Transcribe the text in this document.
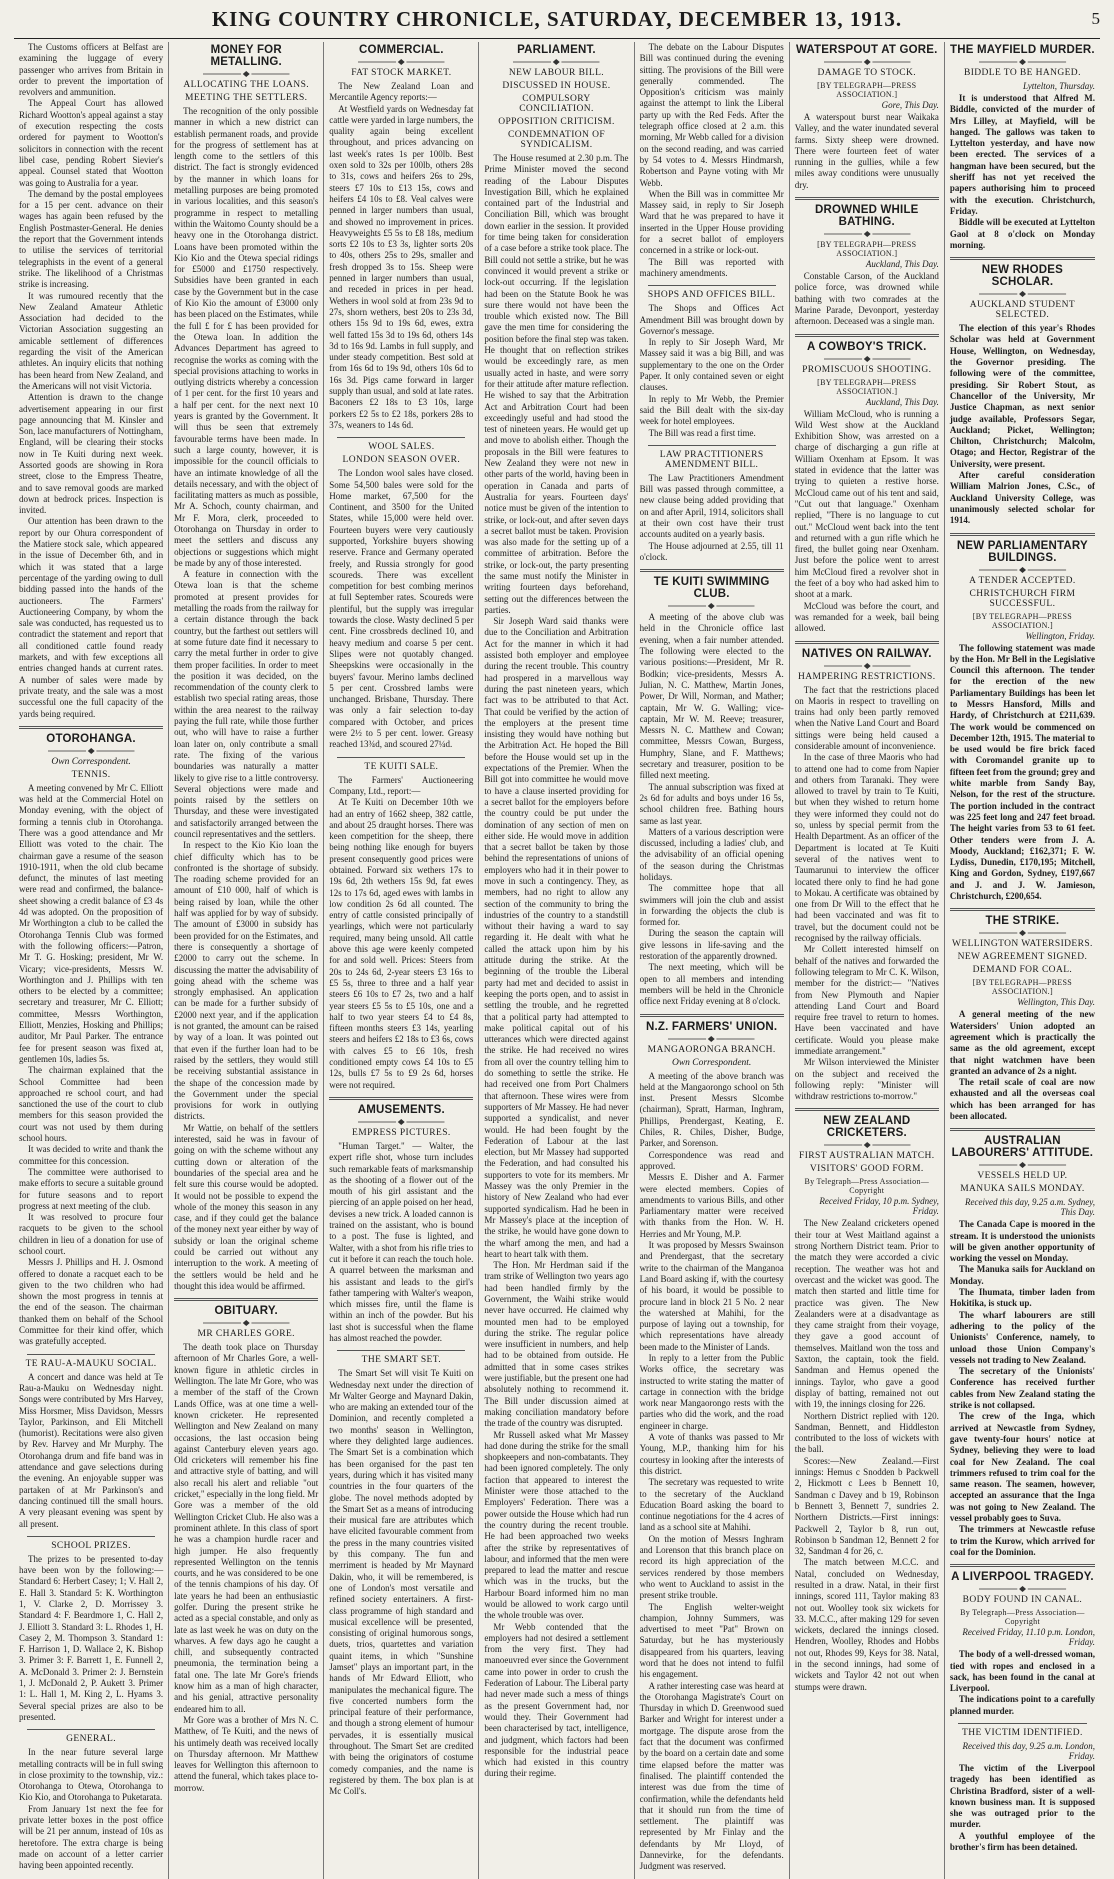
KING COUNTRY CHRONICLE, SATURDAY, DECEMBER 13, 1913.	5

The Customs officers at Belfast are examining the luggage of every passenger who arrives from Britain in order to prevent the importation of revolvers and ammunition.

The Appeal Court has allowed Richard Wootton's appeal against a stay of execution respecting the costs ordered for payment to Wootton's solicitors in connection with the recent libel case, pending Robert Sievier's appeal. Counsel stated that Wootton was going to Australia for a year.

The demand by the postal employees for a 15 per cent. advance on their wages has again been refused by the English Postmaster-General. He denies the report that the Government intends to utilise the services of territorial telegraphists in the event of a general strike. The likelihood of a Christmas strike is increasing.

It was rumoured recently that the New Zealand Amateur Athletic Association had decided to the Victorian Association suggesting an amicable settlement of differences regarding the visit of the American athletes. An inquiry elicits that nothing has been heard from New Zealand, and the Americans will not visit Victoria.

Attention is drawn to the change advertisement appearing in our first page announcing that M. Kinsler and Son, lace manufacturers of Nottingham, England, will be clearing their stocks now in Te Kuiti during next week. Assorted goods are showing in Rora street, close to the Empress Theatre, and to save removal goods are marked down at bedrock prices. Inspection is invited.

Our attention has been drawn to the report by our Ohura correspondent of the Matiere stock sale, which appeared in the issue of December 6th, and in which it was stated that a large percentage of the yarding owing to dull bidding passed into the hands of the auctioneers. The Farmers' Auctioneering Company, by whom the sale was conducted, has requested us to contradict the statement and report that all conditioned cattle found ready markets, and with few exceptions all entries changed hands at current rates. A number of sales were made by private treaty, and the sale was a most successful one the full capacity of the yards being required.

OTOROHANGA.
Own Correspondent.
TENNIS.

A meeting convened by Mr C. Elliott was held at the Commercial Hotel on Monday evening, with the object of forming a tennis club in Otorohanga. There was a good attendance and Mr Elliott was voted to the chair. The chairman gave a resume of the season 1910-1911, when the old club became defunct, the minutes of last meeting were read and confirmed, the balance-sheet showing a credit balance of £3 4s 4d was adopted. On the proposition of Mr Worthington a club to be called the Otorohanga Tennis Club was formed with the following officers:—Patron, Mr T. G. Hosking; president, Mr W. Vicary; vice-presidents, Messrs W. Worthington and J. Phillips with ten others to be elected by a committee; secretary and treasurer, Mr C. Elliott; committee, Messrs Worthington, Elliott, Menzies, Hosking and Phillips; auditor, Mr Paul Parker. The entrance fee for present season was fixed at, gentlemen 10s, ladies 5s.

The chairman explained that the School Committee had been approached re school court, and had sanctioned the use of the court to club members for this season provided the court was not used by them during school hours.

It was decided to write and thank the committee for this concession.

The committee were authorised to make efforts to secure a suitable ground for future seasons and to report progress at next meeting of the club.

It was resolved to procure four racquets to be given to the school children in lieu of a donation for use of school court.

Messrs J. Phillips and H. J. Osmond offered to donate a racquet each to be given to the two children who had shown the most progress in tennis at the end of the season. The chairman thanked them on behalf of the School Committee for their kind offer, which was gratefully accepted.

TE RAU-A-MAUKU SOCIAL.

A concert and dance was held at Te Rau-a-Mauku on Wednesday night. Songs were contributed by Mrs Harvey, Miss Horsmer, Miss Davidson, Messrs Taylor, Parkinson, and Eli Mitchell (humorist). Recitations were also given by Rev. Harvey and Mr Murphy. The Otorohanga drum and fife band was in attendance and gave selections during the evening. An enjoyable supper was partaken of at Mr Parkinson's and dancing continued till the small hours. A very pleasant evening was spent by all present.

SCHOOL PRIZES.

The prizes to be presented to-day have been won by the following:— Standard 6: Herbert Casey; 1; V. Hall 2, E. Hall 3. Standard 5: K. Worthington 1, V. Clarke 2, D. Morrissey 3. Standard 4: F. Beardmore 1, C. Hall 2, J. Elliott 3. Standard 3: L. Rhodes 1, H. Casey 2, M. Thompson 3. Standard 1: F. Harrison 1, D. Wallace 2, K. Bishop 3. Primer 3: F. Barrett 1, E. Funnell 2, A. McDonald 3. Primer 2: J. Bernstein 1, J. McDonald 2, P. Aukett 3. Primer 1: L. Hall 1, M. King 2, L. Hyams 3. Several special prizes are also to be presented.

GENERAL.

In the near future several large metalling contracts will be in full swing in close proximity to the township, viz.: Otorohanga to Otewa, Otorohanga to Kio Kio, and Otorohanga to Puketarata.

From January 1st next the fee for private letter boxes in the post office will be 21 per annum, instead of 10s as heretofore. The extra charge is being made on account of a letter carrier having been appointed recently.

MONEY FOR METALLING.
ALLOCATING THE LOANS.
MEETING THE SETTLERS.

The recognition of the only possible manner in which a new district can establish permanent roads, and provide for the progress of settlement has at length come to the settlers of this district. The fact is strongly evidenced by the manner in which loans for metalling purposes are being promoted in various localities, and this season's programme in respect to metalling within the Waitomo County should be a heavy one in the Otorohanga district. Loans have been promoted within the Kio Kio and the Otewa special ridings for £5000 and £1750 respectively. Subsidies have been granted in each case by the Government but in the case of Kio Kio the amount of £3000 only has been placed on the Estimates, while the full £ for £ has been provided for the Otewa loan. In addition the Advances Department has agreed to recognise the works as coming with the special provisions attaching to works in outlying districts whereby a concession of 1 per cent. for the first 10 years and a half per cent. for the next next 10 years is granted by the Government. It will thus be seen that extremely favourable terms have been made. In such a large county, however, it is impossible for the council officials to have an intimate knowledge of all the details necessary, and with the object of facilitating matters as much as possible, Mr A. Schoch, county chairman, and Mr F. Mora, clerk, proceeded to Otorohanga on Thursday in order to meet the settlers and discuss any objections or suggestions which might be made by any of those interested.

A feature in connection with the Otewa loan is that the scheme promoted at present provides for metalling the roads from the railway for a certain distance through the back country, but the farthest out settlers will at some future date find it necessary to carry the metal further in order to give them proper facilities. In order to meet the position it was decided, on the recommendation of the county clerk to establish two special rating areas, those within the area nearest to the railway paying the full rate, while those further out, who will have to raise a further loan later on, only contribute a small rate. The fixing of the various boundaries was naturally a matter likely to give rise to a little controversy. Several objections were made and points raised by the settlers on Thursday, and these were investigated and satisfactorily arranged between the council representatives and the settlers.

In respect to the Kio Kio loan the chief difficulty which has to be confronted is the shortage of subsidy. The roading scheme provided for an amount of £10 000, half of which is being raised by loan, while the other half was applied for by way of subsidy. The amount of £3000 in subsidy has been provided for on the Estimates, and there is consequently a shortage of £2000 to carry out the scheme. In discussing the matter the advisability of going ahead with the scheme was strongly emphasised. An application can be made for a further subsidy of £2000 next year, and if the application is not granted, the amount can be raised by way of a loan. It was pointed out that even if the further loan had to be raised by the settlers, they would still be receiving substantial assistance in the shape of the concession made by the Government under the special provisions for work in outlying districts.

Mr Wattie, on behalf of the settlers interested, said he was in favour of going on with the scheme without any cutting down or alteration of the boundaries of the special area and he felt sure this course would be adopted. It would not be possible to expend the whole of the money this season in any case, and if they could get the balance of the money next year either by way of subsidy or loan the original scheme could be carried out without any interruption to the work. A meeting of the settlers would be held and he thought this idea would be affirmed.

OBITUARY.
MR CHARLES GORE.

The death took place on Thursday afternoon of Mr Charles Gore, a well-known figure in athletic circles in Wellington. The late Mr Gore, who was a member of the staff of the Crown Lands Office, was at one time a well-known cricketer. He represented Wellington and New Zealand on many occasions, the last occasion being against Canterbury eleven years ago. Old cricketers will remember his fine and attractive style of batting, and will also recall his alert and reliable "out cricket," especially in the long field. Mr Gore was a member of the old Wellington Cricket Club. He also was a prominent athlete. In this class of sport he was a champion hurdle racer and high jumper. He also frequently represented Wellington on the tennis courts, and he was considered to be one of the tennis champions of his day. Of late years he had been an enthusiastic golfer. During the present strike he acted as a special constable, and only as late as last week he was on duty on the wharves. A few days ago he caught a chill, and subsequently contracted pneumonia, the termination being a fatal one. The late Mr Gore's friends know him as a man of high character, and his genial, attractive personality endeared him to all.

Mr Gore was a brother of Mrs N. C. Matthew, of Te Kuiti, and the news of his untimely death was received locally on Thursday afternoon. Mr Matthew leaves for Wellington this afternoon to attend the funeral, which takes place to-morrow.

COMMERCIAL.
FAT STOCK MARKET.

The New Zealand Loan and Mercantile Agency reports:—

At Westfield yards on Wednesday fat cattle were yarded in large numbers, the quality again being excellent throughout, and prices advancing on last week's rates 1s per 100lb. Best oxen sold to 32s per 100lb, others 28s to 31s, cows and heifers 26s to 29s, steers £7 10s to £13 15s, cows and heifers £4 10s to £8. Veal calves were penned in larger numbers than usual, and showed no improvement in prices. Heavyweights £5 5s to £8 18s, medium sorts £2 10s to £3 3s, lighter sorts 20s to 40s, others 25s to 29s, smaller and fresh dropped 3s to 15s. Sheep were penned in larger numbers than usual, and receded in prices in per head. Wethers in wool sold at from 23s 9d to 27s, shorn wethers, best 20s to 23s 3d, others 15s 9d to 19s 6d, ewes, extra well fatted 15s 3d to 19s 6d, others 14s 3d to 16s 9d. Lambs in full supply, and under steady competition. Best sold at from 16s 6d to 19s 9d, others 10s 6d to 16s 3d. Pigs came forward in larger supply than usual, and sold at late rates. Baconers £2 18s to £3 10s, large porkers £2 5s to £2 18s, porkers 28s to 37s, weaners to 14s 6d.

WOOL SALES.
LONDON SEASON OVER.

The London wool sales have closed. Some 54,500 bales were sold for the Home market, 67,500 for the Continent, and 3500 for the United States, while 15,000 were held over. Fourteen buyers were very cautiously supported, Yorkshire buyers showing reserve. France and Germany operated freely, and Russia strongly for good scoureds. There was excellent competition for best combing merinos at full September rates. Scoureds were plentiful, but the supply was irregular towards the close. Wasty declined 5 per cent. Fine crossbreds declined 10, and heavy medium and coarse 5 per cent. Slipes were not quotably changed. Sheepskins were occasionally in the buyers' favour. Merino lambs declined 5 per cent. Crossbred lambs were unchanged. Brisbane, Thursday. There was only a fair selection to-day compared with October, and prices were 2½ to 5 per cent. lower. Greasy reached 13¾d, and scoured 27¼d.

TE KUITI SALE.

The Farmers' Auctioneering Company, Ltd., report:—

At Te Kuiti on December 10th we had an entry of 1662 sheep, 382 cattle, and about 25 draught horses. There was keen competition for the sheep, there being nothing like enough for buyers present consequently good prices were obtained. Forward six wethers 17s to 19s 6d, 2th wethers 15s 9d, fat ewes 12s to 17s 6d, aged ewes with lambs in low condition 2s 6d all counted. The entry of cattle consisted principally of yearlings, which were not particularly required, many being unsold. All cattle above this age were keenly competed for and sold well. Prices: Steers from 20s to 24s 6d, 2-year steers £3 16s to £5 5s, three to three and a half year steers £6 10s to £7 2s, two and a half year steers £5 5s to £5 10s, one and a half to two year steers £4 to £4 8s, fifteen months steers £3 14s, yearling steers and heifers £2 18s to £3 6s, cows with calves £5 to £6 10s, fresh conditioned empty cows £4 10s to £5 12s, bulls £7 5s to £9 2s 6d, horses were not required.

AMUSEMENTS.
EMPRESS PICTURES.

"Human Target." — Walter, the expert rifle shot, whose turn includes such remarkable feats of marksmanship as the shooting of a flower out of the mouth of his girl assistant and the piercing of an apple poised on her head, devises a new trick. A loaded cannon is trained on the assistant, who is bound to a post. The fuse is lighted, and Walter, with a shot from his rifle tries to cut it before it can reach the touch hole. A quarrel between the marksman and his assistant and leads to the girl's father tampering with Walter's weapon, which misses fire, until the flame is within an inch of the powder. But his last shot is successful when the flame has almost reached the powder.

THE SMART SET.

The Smart Set will visit Te Kuiti on Wednesday next under the direction of Mr Walter George and Maynard Dakin, who are making an extended tour of the Dominion, and recently completed a two months' season in Wellington, where they delighted large audiences. The Smart Set is a combination which has been organised for the past ten years, during which it has visited many countries in the four quarters of the globe. The novel methods adopted by the Smart Set as a means of introducing their musical fare are attributes which have elicited favourable comment from the press in the many countries visited by this company. The fun and merriment is headed by Mr Maynard Dakin, who, it will be remembered, is one of London's most versatile and refined society entertainers. A first-class programme of high standard and musical excellence will be presented, consisting of original humorous songs, duets, trios, quartettes and variation quaint items, in which "Sunshine Jamset" plays an important part, in the hands of Mr Edward Elliott, who manipulates the mechanical figure. The five concerted numbers form the principal feature of their performance, and though a strong element of humour pervades, it is essentially musical throughout. The Smart Set are credited with being the originators of costume comedy companies, and the name is registered by them. The box plan is at Mc Coll's.

PARLIAMENT.
NEW LABOUR BILL.
DISCUSSED IN HOUSE.
COMPULSORY CONCILIATION.
OPPOSITION CRITICISM.
CONDEMNATION OF SYNDICALISM.

The House resumed at 2.30 p.m. The Prime Minister moved the second reading of the Labour Disputes Investigation Bill, which he explained contained part of the Industrial and Conciliation Bill, which was brought down earlier in the session. It provided for time being taken for consideration of a case before a strike took place. The Bill could not settle a strike, but he was convinced it would prevent a strike or lock-out occurring. If the legislation had been on the Statute Book he was sure there would not have been the trouble which existed now. The Bill gave the men time for considering the position before the final step was taken. He thought that on reflection strikes would be exceedingly rare, as men usually acted in haste, and were sorry for their attitude after mature reflection. He wished to say that the Arbitration Act and Arbitration Court had been exceedingly useful and had stood the test of nineteen years. He would get up and move to abolish either. Though the proposals in the Bill were features to New Zealand they were not new in other parts of the world, having been in operation in Canada and parts of Australia for years. Fourteen days' notice must be given of the intention to strike, or lock-out, and after seven days a secret ballot must be taken. Provision was also made for the setting up of a committee of arbitration. Before the strike, or lock-out, the party presenting the same must notify the Minister in writing fourteen days beforehand, setting out the differences between the parties.

Sir Joseph Ward said thanks were due to the Conciliation and Arbitration Act for the manner in which it had assisted both employer and employee during the recent trouble. This country had prospered in a marvellous way during the past nineteen years, which fact was to be attributed to that Act. That could be verified by the action of the employers at the present time insisting they would have nothing but the Arbitration Act. He hoped the Bill before the House would set up in the expectations of the Premier. When the Bill got into committee he would move to have a clause inserted providing for a secret ballot for the employers before the country could be put under the domination of any section of men on either side. He would move in addition that a secret ballot be taken by those behind the representations of unions of employers who had it in their power to move in such a contingency. They, as members, had no right to allow any section of the community to bring the industries of the country to a standstill without their having a ward to say regarding it. He dealt with what he called the attack upon him by his attitude during the strike. At the beginning of the trouble the Liberal party had met and decided to assist in keeping the ports open, and to assist in settling the trouble, and he regretted that a political party had attempted to make political capital out of his utterances which were directed against the strike. He had received no wires from all over the country telling him to do something to settle the strike. He had received one from Port Chalmers that afternoon. These wires were from supporters of Mr Massey. He had never supported a syndicalist, and never would. He had been fought by the Federation of Labour at the last election, but Mr Massey had supported the Federation, and had consulted his supporters to vote for its members. Mr Massey was the only Premier in the history of New Zealand who had ever supported syndicalism. Had he been in Mr Massey's place at the inception of the strike, he would have gone down to the wharf among the men, and had a heart to heart talk with them.

The Hon. Mr Herdman said if the tram strike of Wellington two years ago had been handled firmly by the Government, the Waihi strike would never have occurred. He claimed why mounted men had to be employed during the strike. The regular police were insufficient in numbers, and help had to be obtained from outside. He admitted that in some cases strikes were justifiable, but the present one had absolutely nothing to recommend it. The Bill under discussion aimed at making conciliation mandatory before the trade of the country was disrupted.

Mr Russell asked what Mr Massey had done during the strike for the small shopkeepers and non-combatants. They had been ignored completely. The only faction that appeared to interest the Minister were those attached to the Employers' Federation. There was a power outside the House which had run the country during the recent trouble. He had been approached two weeks after the strike by representatives of labour, and informed that the men were prepared to lead the matter and rescue which was in the trucks, but the Harbour Board informed him no man would be allowed to work cargo until the whole trouble was over.

Mr Webb contended that the employers had not desired a settlement from the very first. They had manoeuvred ever since the Government came into power in order to crush the Federation of Labour. The Liberal party had never made such a mess of things as the present Government had, nor would they. Their Government had been characterised by tact, intelligence, and judgment, which factors had been responsible for the industrial peace which had existed in this country during their regime.

The debate on the Labour Disputes Bill was continued during the evening sitting. The provisions of the Bill were generally commended. The Opposition's criticism was mainly against the attempt to link the Liberal party up with the Red Feds. After the telegraph office closed at 2 a.m. this morning, Mr Webb called for a division on the second reading, and was carried by 54 votes to 4. Messrs Hindmarsh, Robertson and Payne voting with Mr Webb.

When the Bill was in committee Mr Massey said, in reply to Sir Joseph Ward that he was prepared to have it inserted in the Upper House providing for a secret ballot of employers concerned in a strike or lock-out.

The Bill was reported with machinery amendments.

SHOPS AND OFFICES BILL.

The Shops and Offices Act Amendment Bill was brought down by Governor's message.

In reply to Sir Joseph Ward, Mr Massey said it was a big Bill, and was supplementary to the one on the Order Paper. It only contained seven or eight clauses.

In reply to Mr Webb, the Premier said the Bill dealt with the six-day week for hotel employees.

The Bill was read a first time.

LAW PRACTITIONERS AMENDMENT BILL.

The Law Practitioners Amendment Bill was passed through committee, a new clause being added providing that on and after April, 1914, solicitors shall at their own cost have their trust accounts audited on a yearly basis.

The House adjourned at 2.55, till 11 o'clock.

TE KUITI SWIMMING CLUB.

A meeting of the above club was held in the Chronicle office last evening, when a fair number attended. The following were elected to the various positions:—President, Mr R. Bodkin; vice-presidents, Messrs A. Julian, N. C. Matthew, Martin Jones, Power, Dr Will, Norman, and Mather; captain, Mr W. G. Walling; vice-captain, Mr W. M. Reeve; treasurer, Messrs N. C. Matthew and Cowan; committee, Messrs Cowan, Burgess, Humphry, Slane, and F. Matthews; secretary and treasurer, position to be filled next meeting.

The annual subscription was fixed at 2s 6d for adults and boys under 16 5s, school children free. Bathing hours same as last year.

Matters of a various description were discussed, including a ladies' club, and the advisability of an official opening of the season during the Christmas holidays.

The committee hope that all swimmers will join the club and assist in forwarding the objects the club is formed for.

During the season the captain will give lessons in life-saving and the restoration of the apparently drowned.

The next meeting, which will be open to all members and intending members will be held in the Chronicle office next Friday evening at 8 o'clock.

N.Z. FARMERS' UNION.
MANGAORONGA BRANCH.
Own Correspondent.

A meeting of the above branch was held at the Mangaorongo school on 5th inst. Present Messrs Slcombe (chairman), Spratt, Harman, Inghram, Phillips, Prendergast, Keating, E. Chiles, R. Chiles, Disher, Budge, Parker, and Sorenson.

Correspondence was read and approved.

Messrs E. Disher and A. Farmer were elected members. Copies of amendments to various Bills, and other Parliamentary matter were received with thanks from the Hon. W. H. Herries and Mr Young, M.P.

It was proposed by Messrs Swainson and Prendergast, that the secretary write to the chairman of the Manganoa Land Board asking if, with the courtesy of his board, it would be possible to procure land in block 21 5 No. 2 near the watershed at Mahihi, for the purpose of laying out a township, for which representations have already been made to the Minister of Lands.

In reply to a letter from the Public Works office, the secretary was instructed to write stating the matter of cartage in connection with the bridge work near Mangaorongo rests with the parties who did the work, and the road engineer in charge.

A vote of thanks was passed to Mr Young, M.P., thanking him for his courtesy in looking after the interests of this district.

The secretary was requested to write to the secretary of the Auckland Education Board asking the board to continue negotiations for the 4 acres of land as a school site at Mahihi.

On the motion of Messrs Inghram and Lorenson that this branch place on record its high appreciation of the services rendered by those members who went to Auckland to assist in the present strike trouble.

The English welter-weight champion, Johnny Summers, was advertised to meet "Pat" Brown on Saturday, but he has mysteriously disappeared from his quarters, leaving word that he does not intend to fulfil his engagement.

A rather interesting case was heard at the Otorohanga Magistrate's Court on Thursday in which D. Greenwood sued Barker and Wright for interest under a mortgage. The dispute arose from the fact that the document was confirmed by the board on a certain date and some time elapsed before the matter was finalised. The plaintiff contended the interest was due from the time of confirmation, while the defendants held that it should run from the time of settlement. The plaintiff was represented by Mr Finlay and the defendants by Mr Lloyd, of Dannevirke, for the defendants. Judgment was reserved.

WATERSPOUT AT GORE.
DAMAGE TO STOCK.
[BY TELEGRAPH—PRESS ASSOCIATION.]
Gore, This Day.

A waterspout burst near Waikaka Valley, and the water inundated several farms. Sixty sheep were drowned. There were fourteen feet of water running in the gullies, while a few miles away conditions were unusually dry.

DROWNED WHILE BATHING.
[BY TELEGRAPH—PRESS ASSOCIATION.]
Auckland, This Day.

Constable Carson, of the Auckland police force, was drowned while bathing with two comrades at the Marine Parade, Devonport, yesterday afternoon. Deceased was a single man.

A COWBOY'S TRICK.
PROMISCUOUS SHOOTING.
[BY TELEGRAPH—PRESS ASSOCIATION.]
Auckland, This Day.

William McCloud, who is running a Wild West show at the Auckland Exhibition Show, was arrested on a charge of discharging a gun rifle at William Oxenham at Epsom. It was stated in evidence that the latter was trying to quieten a restive horse. McCloud came out of his tent and said, "Cut out that language." Oxenham replied, "There is no language to cut out." McCloud went back into the tent and returned with a gun rifle which he fired, the bullet going near Oxenham. Just before the police went to arrest him McCloud fired a revolver shot in the feet of a boy who had asked him to shoot at a mark.

McCloud was before the court, and was remanded for a week, bail being allowed.

NATIVES ON RAILWAY.
HAMPERING RESTRICTIONS.

The fact that the restrictions placed on Maoris in respect to travelling on trains had only been partly removed when the Native Land Court and Board sittings were being held caused a considerable amount of inconvenience.

In the case of three Maoris who had to attend one had to come from Napier and others from Taranaki. They were allowed to travel by train to Te Kuiti, but when they wished to return home they were informed they could not do so, unless by special permit from the Health Department. As an officer of the Department is located at Te Kuiti several of the natives went to Taumarunui to interview the officer located there only to find he had gone to Mokau. A certificate was obtained by one from Dr Will to the effect that he had been vaccinated and was fit to travel, but the document could not be recognised by the railway officials.

Mr Collett interested himself on behalf of the natives and forwarded the following telegram to Mr C. K. Wilson, member for the district:— "Natives from New Plymouth and Napier attending Land Court and Board require free travel to return to homes. Have been vaccinated and have certificate. Would you please make immediate arrangement."

Mr Wilson interviewed the Minister on the subject and received the following reply: "Minister will withdraw restrictions to-morrow."

NEW ZEALAND CRICKETERS.
FIRST AUSTRALIAN MATCH.
VISITORS' GOOD FORM.
By Telegraph—Press Association—Copyright
Received Friday, 10 p.m. Sydney, Friday.

The New Zealand cricketers opened their tour at West Maitland against a strong Northern District team. Prior to the match they were accorded a civic reception. The weather was hot and overcast and the wicket was good. The match then started and little time for practice was given. The New Zealanders were at a disadvantage as they came straight from their voyage, they gave a good account of themselves. Maitland won the toss and Saxton, the captain, took the field. Sandman and Hemus opened the innings. Taylor, who gave a good display of batting, remained not out with 19, the innings closing for 226.

Northern District replied with 120. Sandman, Bennett, and Hiddleston contributed to the loss of wickets with the ball.

Scores:—New Zealand.—First innings: Hemus c Snodden b Packwell 2, Hickmott c Lees b Bennett 10, Sandman c Davey and b 19, Robinson b Bennett 3, Bennett 7, sundries 2. Northern Districts.—First innings: Packwell 2, Taylor b 8, run out, Robinson b Sandman 12, Bennett 2 for 32, Sandman 4 for 26, c.

The match between M.C.C. and Natal, concluded on Wednesday, resulted in a draw. Natal, in their first innings, scored 111, Taylor making 83 not out. Woolley took six wickets for 33. M.C.C., after making 129 for seven wickets, declared the innings closed. Hendren, Woolley, Rhodes and Hobbs not out, Rhodes 99, Keys for 38. Natal, in the second innings, had some of wickets and Taylor 42 not out when stumps were drawn.

THE MAYFIELD MURDER.
BIDDLE TO BE HANGED.
Lyttelton, Thursday.

It is understood that Alfred M. Biddle, convicted of the murder of Mrs Lilley, at Mayfield, will be hanged. The gallows was taken to Lyttelton yesterday, and have now been erected. The services of a hangman have been secured, but the sheriff has not yet received the papers authorising him to proceed with the execution. Christchurch, Friday.

Biddle will be executed at Lyttelton Gaol at 8 o'clock on Monday morning.

NEW RHODES SCHOLAR.
AUCKLAND STUDENT SELECTED.

The election of this year's Rhodes Scholar was held at Government House, Wellington, on Wednesday, the Governor presiding. The following were of the committee, presiding. Sir Robert Stout, as Chancellor of the University, Mr Justice Chapman, as next senior judge available, Professors Segar, Auckland; Picket, Wellington; Chilton, Christchurch; Malcolm, Otago; and Hector, Registrar of the University, were present.

After careful consideration William Malrion Jones, C.Sc., of Auckland University College, was unanimously selected scholar for 1914.

NEW PARLIAMENTARY BUILDINGS.
A TENDER ACCEPTED.
CHRISTCHURCH FIRM SUCCESSFUL.
[BY TELEGRAPH—PRESS ASSOCIATION.]
Wellington, Friday.

The following statement was made by the Hon. Mr Bell in the Legislative Council this afternoon. The tender for the erection of the new Parliamentary Buildings has been let to Messrs Hansford, Mills and Hardy, of Christchurch at £211,639. The work would be commenced on December 12th, 1915. The material to be used would be fire brick faced with Coromandel granite up to fifteen feet from the ground; grey and white marble from Sandy Bay, Nelson, for the rest of the structure. The portion included in the contract was 225 feet long and 247 feet broad. The height varies from 53 to 61 feet. Other tenders were from J. A. Moody, Auckland; £162,371; F. W. Lydiss, Dunedin, £170,195; Mitchell, King and Gordon, Sydney, £197,667 and J. and J. W. Jamieson, Christchurch, £200,654.

THE STRIKE.
WELLINGTON WATERSIDERS.
NEW AGREEMENT SIGNED.
DEMAND FOR COAL.
[BY TELEGRAPH—PRESS ASSOCIATION.]
Wellington, This Day.

A general meeting of the new Watersiders' Union adopted an agreement which is practically the same as the old agreement, except that night watchmen have been granted an advance of 2s a night.

The retail scale of coal are now exhausted and all the overseas coal which has been arranged for has been allocated.

AUSTRALIAN LABOURERS' ATTITUDE.
VESSELS HELD UP.
MANUKA SAILS MONDAY.
Received this day, 9.25 a.m. Sydney, This Day.

The Canada Cape is moored in the stream. It is understood the unionists will be given another opportunity of working the vessel on Monday.

The Manuka sails for Auckland on Monday.

The Ihumata, timber laden from Hokitika, is stuck up.

The wharf labourers are still adhering to the policy of the Unionists' Conference, namely, to unload those Union Company's vessels not trading to New Zealand.

The secretary of the Unionists' Conference has received further cables from New Zealand stating the strike is not collapsed.

The crew of the Inga, which arrived at Newcastle from Sydney, gave twenty-four hours' notice at Sydney, believing they were to load coal for New Zealand. The coal trimmers refused to trim coal for the same reason. The seamen, however, accepted an assurance that the Inga was not going to New Zealand. The vessel probably goes to Suva.

The trimmers at Newcastle refuse to trim the Kurow, which arrived for coal for the Dominion.

A LIVERPOOL TRAGEDY.
BODY FOUND IN CANAL.
By Telegraph—Press Association—Copyright
Received Friday, 11.10 p.m. London, Friday.

The body of a well-dressed woman, tied with ropes and enclosed in a sack, has been found in the canal at Liverpool.

The indications point to a carefully planned murder.

THE VICTIM IDENTIFIED.
Received this day, 9.25 a.m. London, Friday.

The victim of the Liverpool tragedy has been identified as Christina Bradford, sister of a well-known business man. It is supposed she was outraged prior to the murder.

A youthful employee of the brother's firm has been detained.
